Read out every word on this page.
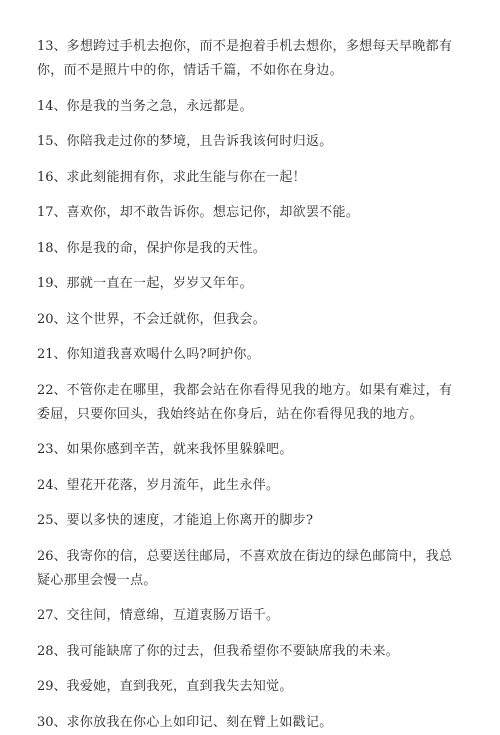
13、多想跨过手机去抱你，而不是抱着手机去想你，多想每天早晚都有你，而不是照片中的你，情话千篇，不如你在身边。
14、你是我的当务之急，永远都是。
15、你陪我走过你的梦境，且告诉我该何时归返。
16、求此刻能拥有你，求此生能与你在一起！
17、喜欢你，却不敢告诉你。想忘记你，却欲罢不能。
18、你是我的命，保护你是我的天性。
19、那就一直在一起，岁岁又年年。
20、这个世界，不会迁就你，但我会。
21、你知道我喜欢喝什么吗?呵护你。
22、不管你走在哪里，我都会站在你看得见我的地方。如果有难过，有委屈，只要你回头，我始终站在你身后，站在你看得见我的地方。
23、如果你感到辛苦，就来我怀里躲躲吧。
24、望花开花落，岁月流年，此生永伴。
25、要以多快的速度，才能追上你离开的脚步?
26、我寄你的信，总要送往邮局，不喜欢放在街边的绿色邮筒中，我总疑心那里会慢一点。
27、交往间，情意绵，互道衷肠万语千。
28、我可能缺席了你的过去，但我希望你不要缺席我的未来。
29、我爱她，直到我死，直到我失去知觉。
30、求你放我在你心上如印记、刻在臂上如戳记。
